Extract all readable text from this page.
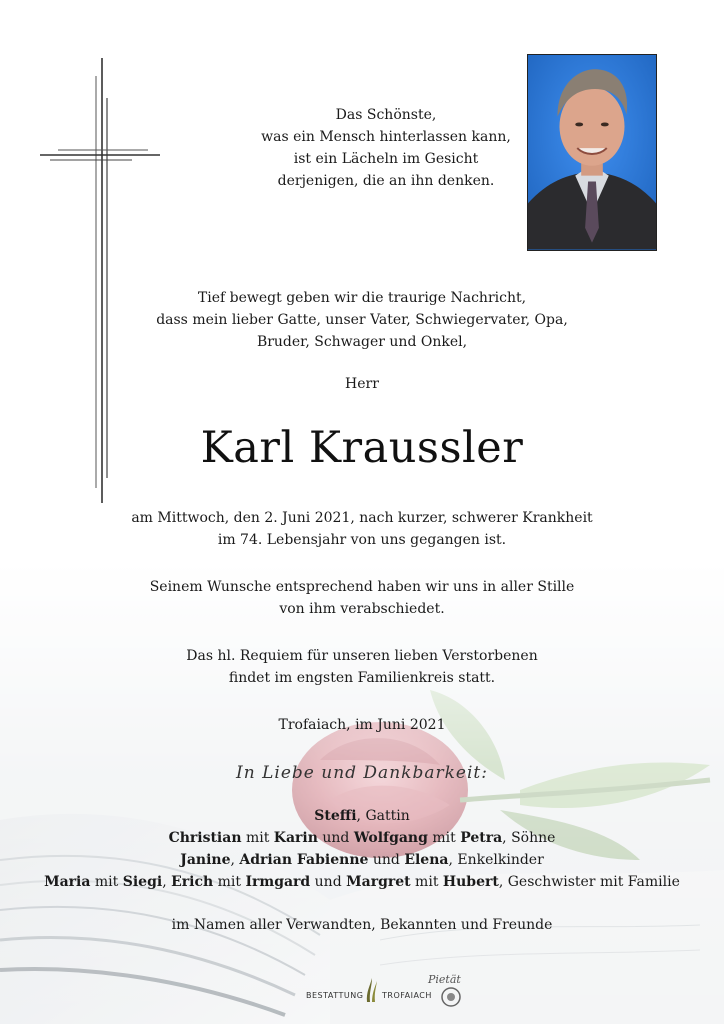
Das Schönste,
was ein Mensch hinterlassen kann,
ist ein Lächeln im Gesicht
derjenigen, die an ihn denken.
Tief bewegt geben wir die traurige Nachricht,
dass mein lieber Gatte, unser Vater, Schwiegervater, Opa,
Bruder, Schwager und Onkel,
Herr
Karl Kraussler
am Mittwoch, den 2. Juni 2021, nach kurzer, schwerer Krankheit
im 74. Lebensjahr von uns gegangen ist.
Seinem Wunsche entsprechend haben wir uns in aller Stille
von ihm verabschiedet.
Das hl. Requiem für unseren lieben Verstorbenen
findet im engsten Familienkreis statt.
Trofaiach, im Juni 2021
In Liebe und Dankbarkeit:
Steffi, Gattin
Christian mit Karin und Wolfgang mit Petra, Söhne
Janine, Adrian Fabienne und Elena, Enkelkinder
Maria mit Siegi, Erich mit Irmgard und Margret mit Hubert, Geschwister mit Familie
im Namen aller Verwandten, Bekannten und Freunde
BESTATTUNG TROFAIACH
Pietät
